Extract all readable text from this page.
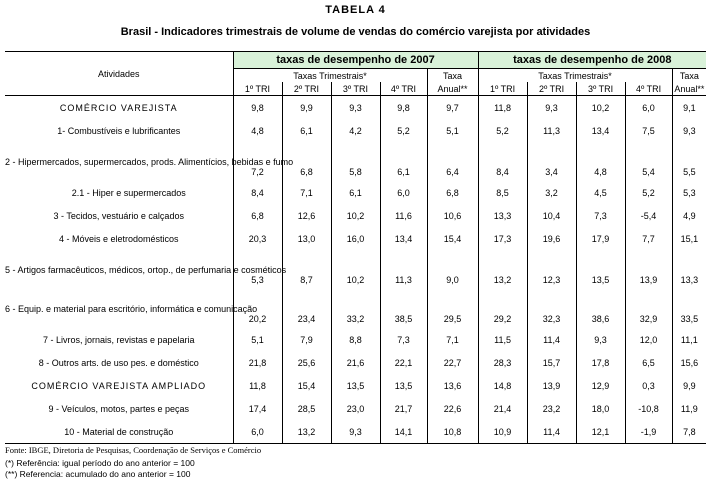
TABELA 4
Brasil - Indicadores trimestrais de volume de vendas do comércio varejista por atividades
Atividades	taxas de desempenho de 2007					taxas de desempenho de 2008				
	Taxas Trimestrais*				Taxa	Taxas Trimestrais*				Taxa
	1º TRI	2º TRI	3º TRI	4º TRI	Anual**	1º TRI	2º TRI	3º TRI	4º TRI	Anual**
COMÉRCIO VAREJISTA	9,8	9,9	9,3	9,8	9,7	11,8	9,3	10,2	6,0	9,1
1- Combustíveis e lubrificantes	4,8	6,1	4,2	5,2	5,1	5,2	11,3	13,4	7,5	9,3
2 - Hipermercados, supermercados, prods. Alimentícios, bebidas e fumo	7,2	6,8	5,8	6,1	6,4	8,4	3,4	4,8	5,4	5,5
2.1 - Hiper e supermercados	8,4	7,1	6,1	6,0	6,8	8,5	3,2	4,5	5,2	5,3
3 - Tecidos, vestuário e calçados	6,8	12,6	10,2	11,6	10,6	13,3	10,4	7,3	-5,4	4,9
4 - Móveis e eletrodomésticos	20,3	13,0	16,0	13,4	15,4	17,3	19,6	17,9	7,7	15,1
5 - Artigos farmacêuticos, médicos, ortop., de perfumaria e cosméticos	5,3	8,7	10,2	11,3	9,0	13,2	12,3	13,5	13,9	13,3
6 - Equip. e material para escritório, informática e comunicação	20,2	23,4	33,2	38,5	29,5	29,2	32,3	38,6	32,9	33,5
7 - Livros, jornais, revistas e papelaria	5,1	7,9	8,8	7,3	7,1	11,5	11,4	9,3	12,0	11,1
8 - Outros arts. de uso pes. e doméstico	21,8	25,6	21,6	22,1	22,7	28,3	15,7	17,8	6,5	15,6
COMÉRCIO VAREJISTA AMPLIADO	11,8	15,4	13,5	13,5	13,6	14,8	13,9	12,9	0,3	9,9
9 - Veículos, motos, partes e peças	17,4	28,5	23,0	21,7	22,6	21,4	23,2	18,0	-10,8	11,9
10 - Material de construção	6,0	13,2	9,3	14,1	10,8	10,9	11,4	12,1	-1,9	7,8
Fonte: IBGE, Diretoria de Pesquisas, Coordenação de Serviços e Comércio
(*) Referência: igual período do ano anterior = 100
(**) Referencia: acumulado do ano anterior = 100
